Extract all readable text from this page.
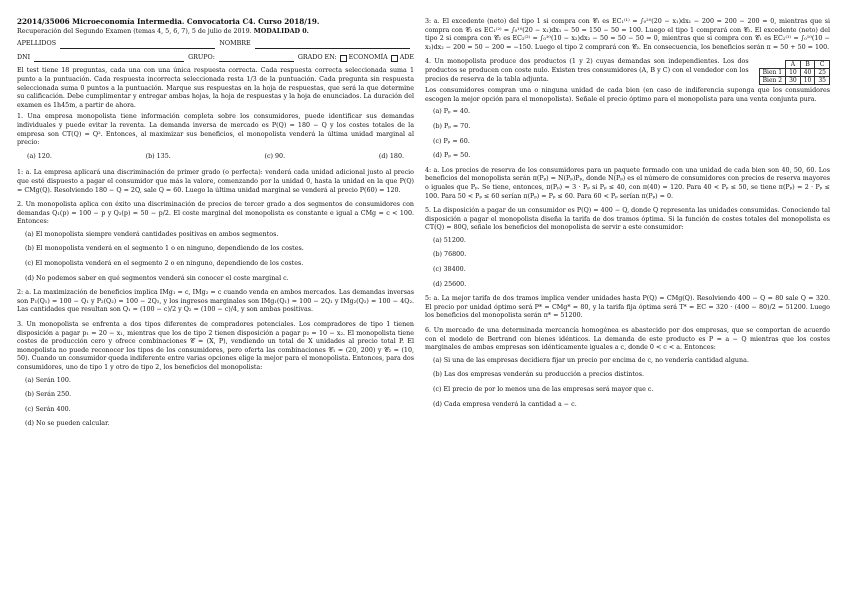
22014/35006 Microeconomía Intermedia. Convocatoria C4. Curso 2018/19.
Recuperación del Segundo Examen (temas 4, 5, 6, 7), 5 de julio de 2019. MODALIDAD 0.
APELLIDOS	NOMBRE
DNI	GRUPO:	GRADO EN: ECONOMÍA ADE

El test tiene 18 preguntas, cada una con una única respuesta correcta. Cada respuesta correcta seleccionada suma 1 punto a la puntuación. Cada respuesta incorrecta seleccionada resta 1/3 de la puntuación. Cada pregunta sin respuesta seleccionada suma 0 puntos a la puntuación. Marque sus respuestas en la hoja de respuestas, que será la que determine su calificación. Debe cumplimentar y entregar ambas hojas, la hoja de respuestas y la hoja de enunciados. La duración del examen es 1h45m, a partir de ahora.

1. Una empresa monopolista tiene información completa sobre los consumidores, puede identificar sus demandas individuales y puede evitar la reventa. La demanda inversa de mercado es P(Q) = 180 − Q y los costes totales de la empresa son CT(Q) = Q². Entonces, al maximizar sus beneficios, el monopolista venderá la última unidad marginal al precio:

(a) 120.	(b) 135.	(c) 90.	(d) 180.

1: a. La empresa aplicará una discriminación de primer grado (o perfecta): venderá cada unidad adicional justo al precio que esté dispuesto a pagar el consumidor que más la valore, comenzando por la unidad 0, hasta la unidad en la que P(Q) = CMg(Q). Resolviendo 180 − Q = 2Q, sale Q = 60. Luego la última unidad marginal se venderá al precio P(60) = 120.

2. Un monopolista aplica con éxito una discriminación de precios de tercer grado a dos segmentos de consumidores con demandas Q₁(p) = 100 − p y Q₂(p) = 50 − p/2. El coste marginal del monopolista es constante e igual a CMg = c < 100. Entonces:

(a) El monopolista siempre venderá cantidades positivas en ambos segmentos.
(b) El monopolista venderá en el segmento 1 o en ninguno, dependiendo de los costes.
(c) El monopolista venderá en el segmento 2 o en ninguno, dependiendo de los costes.
(d) No podemos saber en qué segmentos venderá sin conocer el coste marginal c.

2: a. La maximización de beneficios implica IMg₁ = c, IMg₂ = c cuando venda en ambos mercados. Las demandas inversas son P₁(Q₁) = 100 − Q₁ y P₂(Q₂) = 100 − 2Q₂, y los ingresos marginales son IMg₁(Q₁) = 100 − 2Q₁ y IMg₂(Q₂) = 100 − 4Q₂. Las cantidades que resultan son Q₁ = (100 − c)/2 y Q₂ = (100 − c)/4, y son ambas positivas.

3. Un monopolista se enfrenta a dos tipos diferentes de compradores potenciales. Los compradores de tipo 1 tienen disposición a pagar p₁ = 20 − x₁, mientras que los de tipo 2 tienen disposición a pagar p₂ = 10 − x₂. El monopolista tiene costes de producción cero y ofrece combinaciones 𝒞 = (X, P), vendiendo un total de X unidades al precio total P. El monopolista no puede reconocer los tipos de los consumidores, pero oferta las combinaciones 𝒞₁ = (20, 200) y 𝒞₂ = (10, 50). Cuando un consumidor queda indiferente entre varias opciones elige la mejor para el monopolista. Entonces, para dos consumidores, uno de tipo 1 y otro de tipo 2, los beneficios del monopolista:

(a) Serán 100.
(b) Serán 250.
(c) Serán 400.
(d) No se pueden calcular.

3: a. El excedente (neto) del tipo 1 si compra con 𝒞₁ es EC₁⁽¹⁾ = ∫₀²⁰(20 − x₁)dx₁ − 200 = 200 − 200 = 0, mientras que si compra con 𝒞₂ es EC₁⁽²⁾ = ∫₀¹⁰(20 − x₁)dx₁ − 50 = 150 − 50 = 100. Luego el tipo 1 comprará con 𝒞₂. El excedente (neto) del tipo 2 si compra con 𝒞₂ es EC₂⁽²⁾ = ∫₀¹⁰(10 − x₂)dx₂ − 50 = 50 − 50 = 0, mientras que si compra con 𝒞₁ es EC₂⁽¹⁾ = ∫₀¹⁰(10 − x₂)dx₂ − 200 = 50 − 200 = −150. Luego el tipo 2 comprará con 𝒞₂. En consecuencia, los beneficios serán π = 50 + 50 = 100.

4. Un monopolista produce dos productos (1 y 2) cuyas demandas son independientes. Los dos productos se producen con coste nulo. Existen tres consumidores (A, B y C) con el vendedor con los precios de reserva de la tabla adjunta.

	A	B	C
Bien 1	10	40	25
Bien 2	30	10	35

Los consumidores compran una o ninguna unidad de cada bien (en caso de indiferencia suponga que los consumidores escogen la mejor opción para el monopolista). Señale el precio óptimo para el monopolista para una venta conjunta pura.

(a) Pₚ = 40.
(b) Pₚ = 70.
(c) Pₚ = 60.
(d) Pₚ = 50.

4: a. Los precios de reserva de los consumidores para un paquete formado con una unidad de cada bien son 40, 50, 60. Los beneficios del monopolista serán π(Pₚ) = N(Pₚ)Pₚ, donde N(Pₚ) es el número de consumidores con precios de reserva mayores o iguales que Pₚ. Se tiene, entonces, π(Pₚ) = 3 · Pₚ si Pₚ ≤ 40, con π(40) = 120. Para 40 < Pₚ ≤ 50, se tiene π(Pₚ) = 2 · Pₚ ≤ 100. Para 50 < Pₚ ≤ 60 serían π(Pₚ) = Pₚ ≤ 60. Para 60 < Pₚ serían π(Pₚ) = 0.

5. La disposición a pagar de un consumidor es P(Q) = 400 − Q, donde Q representa las unidades consumidas. Conociendo tal disposición a pagar el monopolista diseña la tarifa de dos tramos óptima. Si la función de costes totales del monopolista es CT(Q) = 80Q, señale los beneficios del monopolista de servir a este consumidor:

(a) 51200.
(b) 76800.
(c) 38400.
(d) 25600.

5: a. La mejor tarifa de dos tramos implica vender unidades hasta P(Q) = CMg(Q). Resolviendo 400 − Q = 80 sale Q = 320. El precio por unidad óptimo será P* = CMg* = 80, y la tarifa fija óptima será T* = EC = 320 · (400 − 80)/2 = 51200. Luego los beneficios del monopolista serán π* = 51200.

6. Un mercado de una determinada mercancía homogénea es abastecido por dos empresas, que se comportan de acuerdo con el modelo de Bertrand con bienes idénticos. La demanda de este producto es P = a − Q mientras que los costes marginales de ambas empresas son idénticamente iguales a c, donde 0 < c < a. Entonces:

(a) Si una de las empresas decidiera fijar un precio por encima de c, no vendería cantidad alguna.
(b) Las dos empresas venderán su producción a precios distintos.
(c) El precio de por lo menos una de las empresas será mayor que c.
(d) Cada empresa venderá la cantidad a − c.
